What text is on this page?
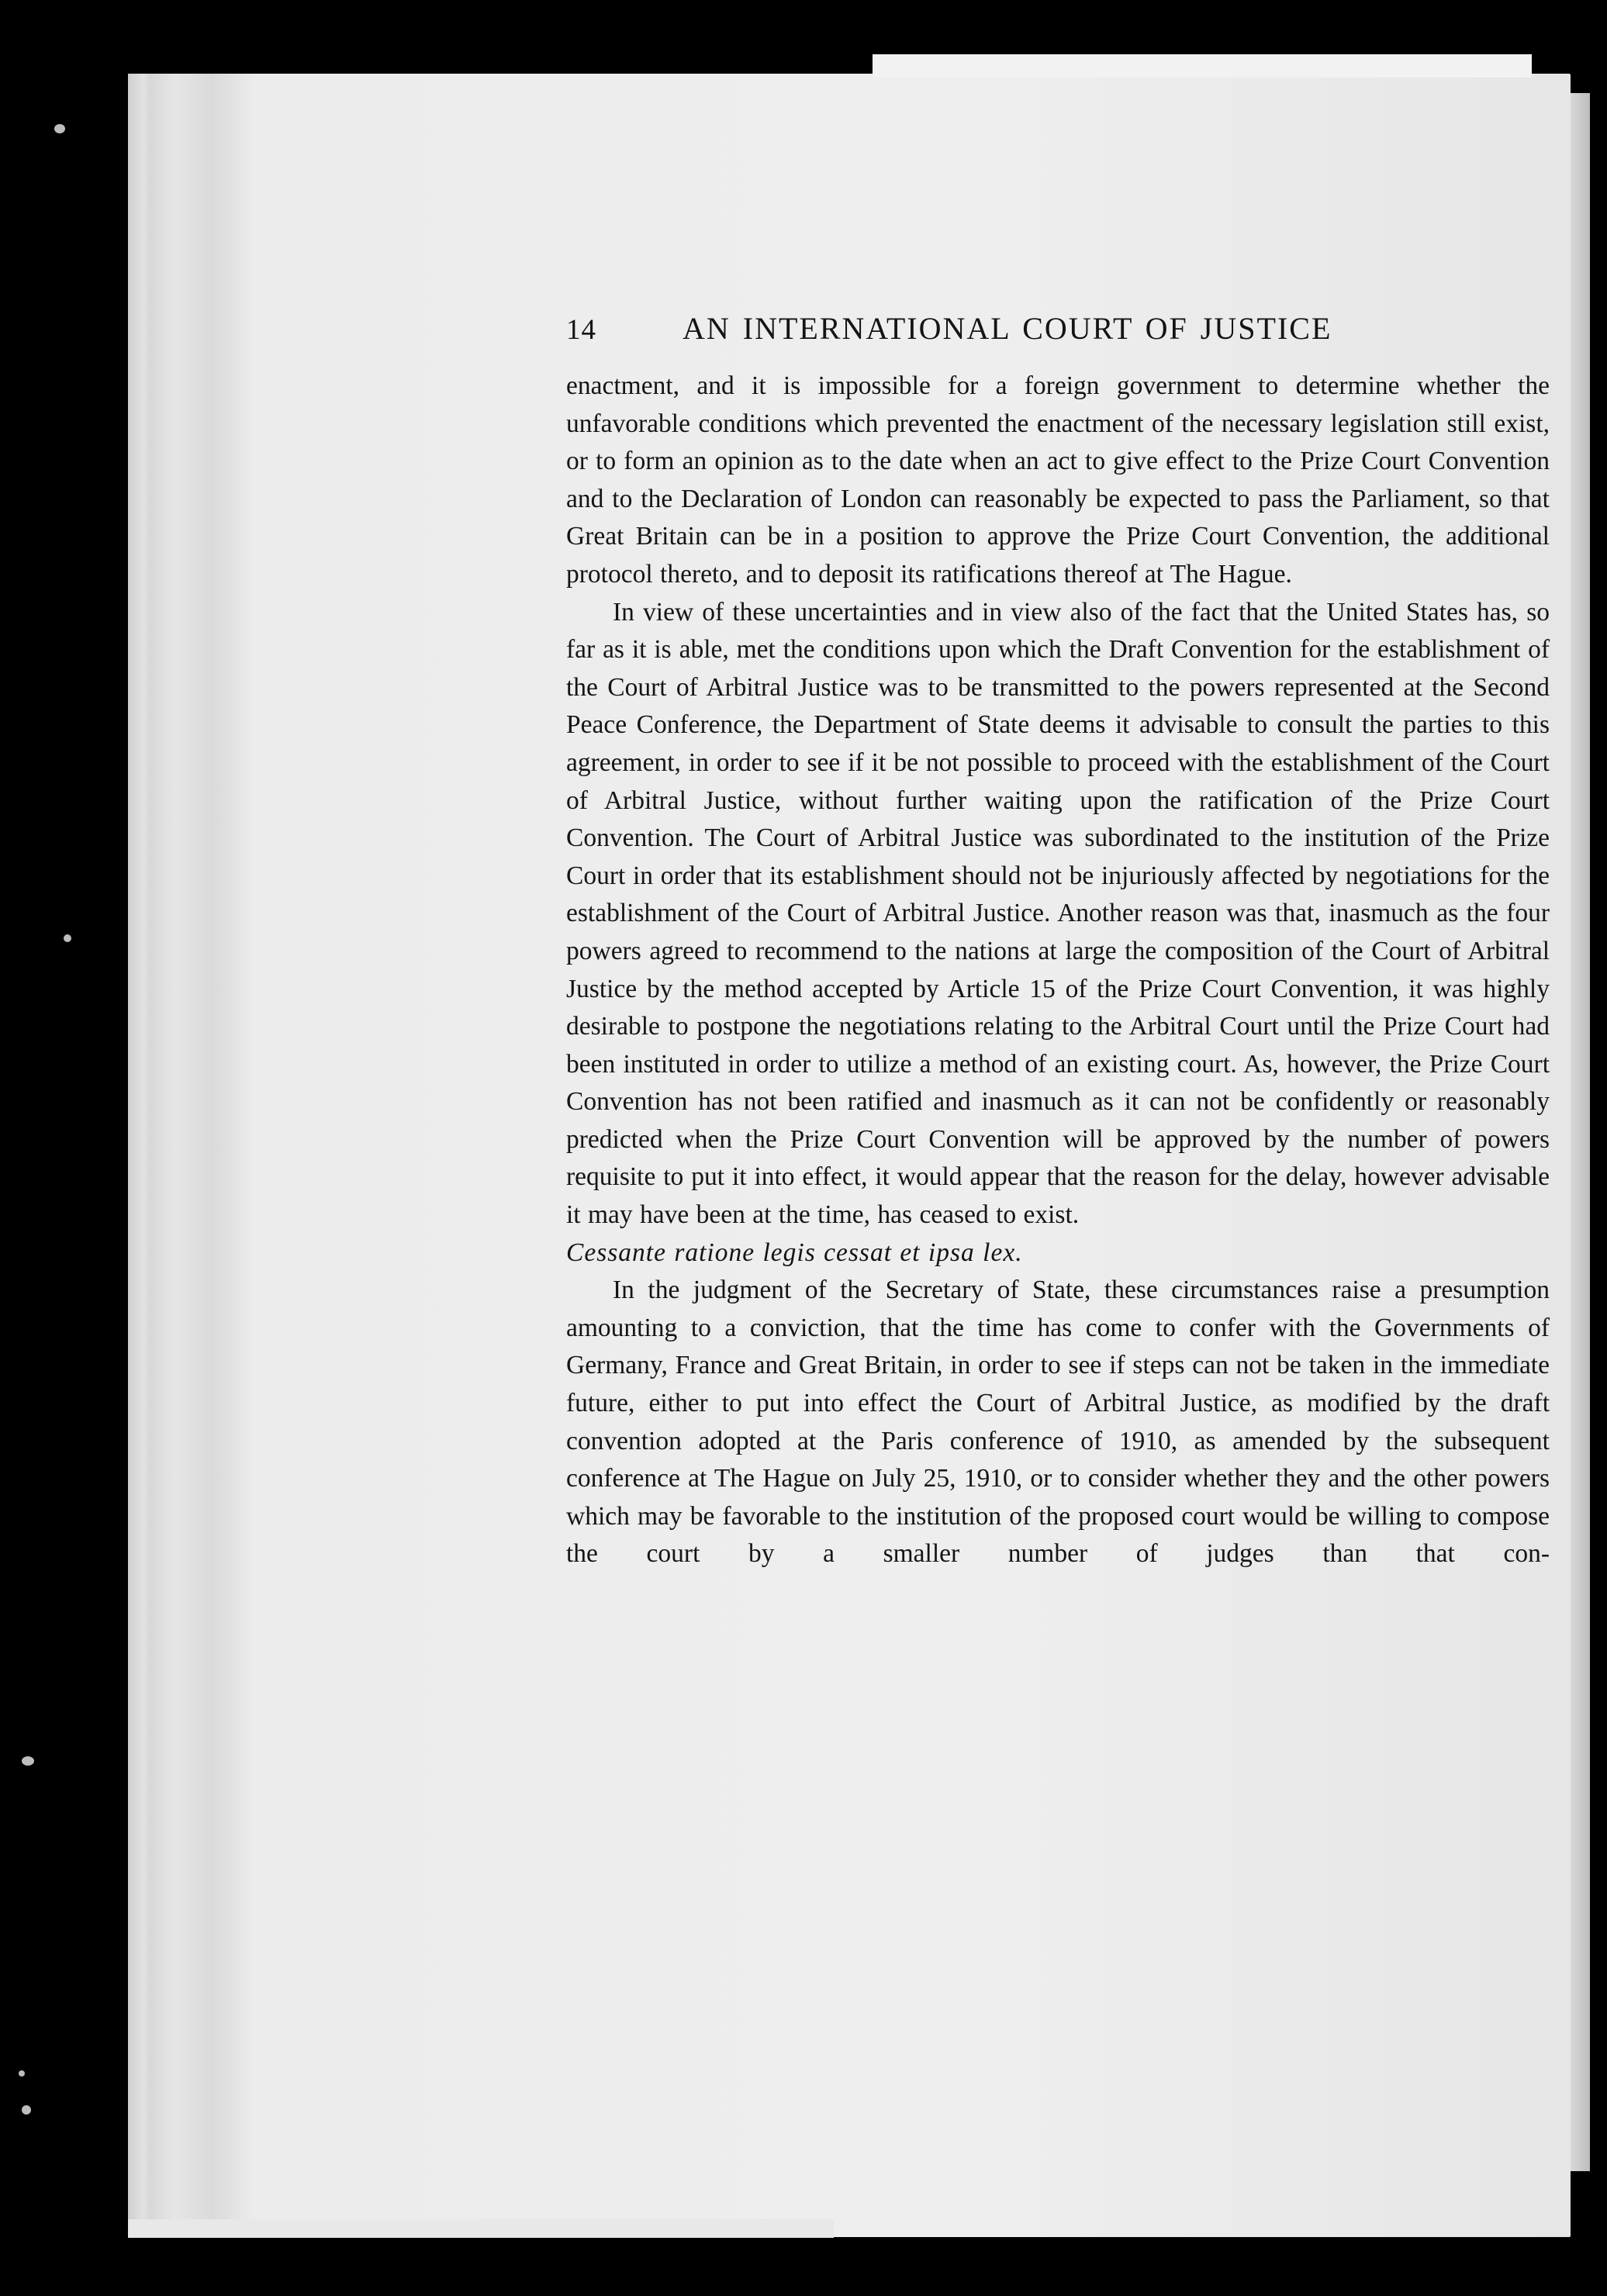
14	AN INTERNATIONAL COURT OF JUSTICE

enactment, and it is impossible for a foreign government to determine whether the unfavorable conditions which prevented the enactment of the necessary legislation still exist, or to form an opinion as to the date when an act to give effect to the Prize Court Convention and to the Declaration of London can reasonably be expected to pass the Parliament, so that Great Britain can be in a position to approve the Prize Court Convention, the additional protocol thereto, and to deposit its ratifications thereof at The Hague.

In view of these uncertainties and in view also of the fact that the United States has, so far as it is able, met the conditions upon which the Draft Convention for the establishment of the Court of Arbitral Justice was to be transmitted to the powers represented at the Second Peace Conference, the Department of State deems it advisable to consult the parties to this agreement, in order to see if it be not possible to proceed with the establishment of the Court of Arbitral Justice, without further waiting upon the ratification of the Prize Court Convention. The Court of Arbitral Justice was subordinated to the institution of the Prize Court in order that its establishment should not be injuriously affected by negotiations for the establishment of the Court of Arbitral Justice. Another reason was that, inasmuch as the four powers agreed to recommend to the nations at large the composition of the Court of Arbitral Justice by the method accepted by Article 15 of the Prize Court Convention, it was highly desirable to postpone the negotiations relating to the Arbitral Court until the Prize Court had been instituted in order to utilize a method of an existing court. As, however, the Prize Court Convention has not been ratified and inasmuch as it can not be confidently or reasonably predicted when the Prize Court Convention will be approved by the number of powers requisite to put it into effect, it would appear that the reason for the delay, however advisable it may have been at the time, has ceased to exist.

Cessante ratione legis cessat et ipsa lex.

In the judgment of the Secretary of State, these circumstances raise a presumption amounting to a conviction, that the time has come to confer with the Governments of Germany, France and Great Britain, in order to see if steps can not be taken in the immediate future, either to put into effect the Court of Arbitral Justice, as modified by the draft convention adopted at the Paris conference of 1910, as amended by the subsequent conference at The Hague on July 25, 1910, or to consider whether they and the other powers which may be favorable to the institution of the proposed court would be willing to compose the court by a smaller number of judges than that con-
